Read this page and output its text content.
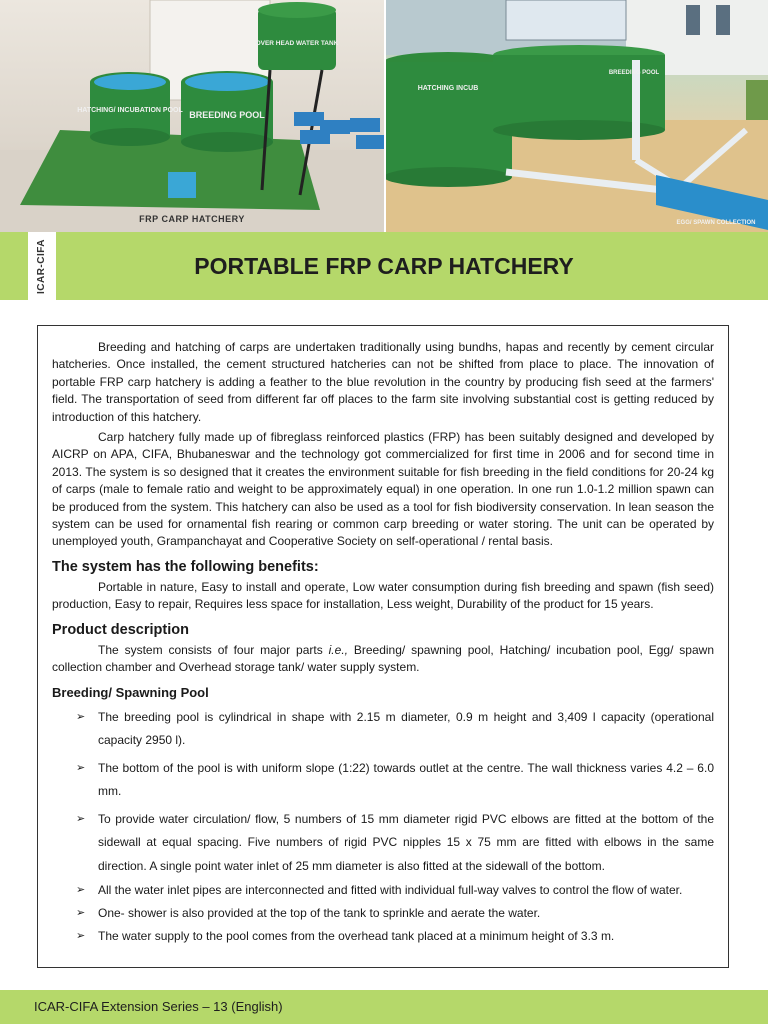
HATCHING/ INCUBATION POOL BREEDING POOL
OVER HEAD WATER TANK
FRP CARP HATCHERY
HATCHING INCUB
BREEDING POOL
EGG/ SPAWN COLLECTION
ICAR-CIFA	PORTABLE FRP CARP HATCHERY

Breeding and hatching of carps are undertaken traditionally using bundhs, hapas and recently by cement circular hatcheries. Once installed, the cement structured hatcheries can not be shifted from place to place. The innovation of portable FRP carp hatchery is adding a feather to the blue revolution in the country by producing fish seed at the farmers' field. The transportation of seed from different far off places to the farm site involving substantial cost is getting reduced by introduction of this hatchery.

Carp hatchery fully made up of fibreglass reinforced plastics (FRP) has been suitably designed and developed by AICRP on APA, CIFA, Bhubaneswar and the technology got commercialized for first time in 2006 and for second time in 2013. The system is so designed that it creates the environment suitable for fish breeding in the field conditions for 20-24 kg of carps (male to female ratio and weight to be approximately equal) in one operation. In one run 1.0-1.2 million spawn can be produced from the system. This hatchery can also be used as a tool for fish biodiversity conservation. In lean season the system can be used for ornamental fish rearing or common carp breeding or water storing. The unit can be operated by unemployed youth, Grampanchayat and Cooperative Society on self-operational / rental basis.

The system has the following benefits:

Portable in nature, Easy to install and operate, Low water consumption during fish breeding and spawn (fish seed) production, Easy to repair, Requires less space for installation, Less weight, Durability of the product for 15 years.

Product description

The system consists of four major parts i.e., Breeding/ spawning pool, Hatching/ incubation pool, Egg/ spawn collection chamber and Overhead storage tank/ water supply system.

Breeding/ Spawning Pool
➢ The breeding pool is cylindrical in shape with 2.15 m diameter, 0.9 m height and 3,409 l capacity (operational capacity 2950 l).
➢ The bottom of the pool is with uniform slope (1:22) towards outlet at the centre. The wall thickness varies 4.2 – 6.0 mm.
➢ To provide water circulation/ flow, 5 numbers of 15 mm diameter rigid PVC elbows are fitted at the bottom of the sidewall at equal spacing. Five numbers of rigid PVC nipples 15 x 75 mm are fitted with elbows in the same direction. A single point water inlet of 25 mm diameter is also fitted at the sidewall of the bottom.
➢ All the water inlet pipes are interconnected and fitted with individual full-way valves to control the flow of water.
➢ One- shower is also provided at the top of the tank to sprinkle and aerate the water.
➢ The water supply to the pool comes from the overhead tank placed at a minimum height of 3.3 m.
ICAR-CIFA Extension Series – 13 (English)
